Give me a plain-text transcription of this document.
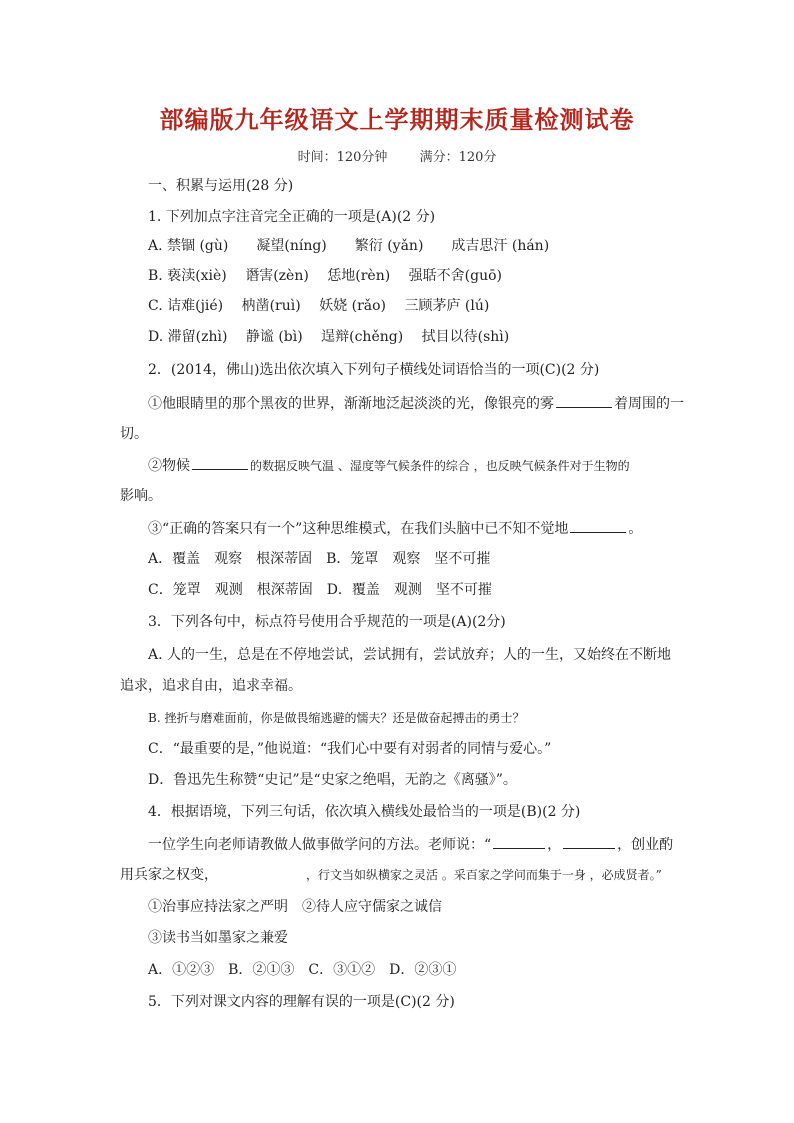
部编版九年级语文上学期期末质量检测试卷
时间：120分钟 满分：120分
一、积累与运用(28 分)
1. 下列加点字注音完全正确的一项是(A)(2 分)
A. 禁锢 (gù)　　凝望(níng)　　繁衍 (yǎn)　　成吉思汗 (hán)
B. 亵渎(xiè)　 谮害(zèn)　 恁地(rèn)　 强聒不舍(guō)
C. 诘难(jié)　 枘凿(ruì)　 妖娆 (rǎo)　 三顾茅庐 (lú)
D. 滞留(zhì)　 静谧 (bì)　 逞辩(chěng)　 拭目以待(shì)
2．(2014，佛山)选出依次填入下列句子横线处词语恰当的一项(C)(2 分)
①他眼睛里的那个黑夜的世界，渐渐地泛起淡淡的光，像银亮的雾	着周围的一
切。
②物候	的数据反映气温 、湿度等气候条件的综合 ，也反映气候条件对于生物的
影响。
③“正确的答案只有一个”这种思维模式，在我们头脑中已不知不觉地	。
A．覆盖　观察　根深蒂固　B．笼罩　观察　坚不可摧
C．笼罩　观测　根深蒂固　D．覆盖　观测　坚不可摧
3．下列各句中，标点符号使用合乎规范的一项是(A)(2分)
A. 人的一生，总是在不停地尝试，尝试拥有，尝试放弃；人的一生，又始终在不断地
追求，追求自由，追求幸福。
B. 挫折与磨难面前，你是做畏缩逃避的懦夫？还是做奋起搏击的勇士？
C．“最重要的是，”他说道：“我们心中要有对弱者的同情与爱心。”
D．鲁迅先生称赞“史记”是“史家之绝唱，无韵之《离骚》”。
4．根据语境，下列三句话，依次填入横线处最恰当的一项是(B)(2 分)
一位学生向老师请教做人做事做学问的方法。老师说：“	，	，创业酌
用兵家之权变，	，行文当如纵横家之灵活 。采百家之学问而集于一身 ，必成贤者。”
①治事应持法家之严明　②待人应守儒家之诚信
③读书当如墨家之兼爱
A．①②③　B．②①③　C．③①②　D．②③①
5．下列对课文内容的理解有误的一项是(C)(2 分)
